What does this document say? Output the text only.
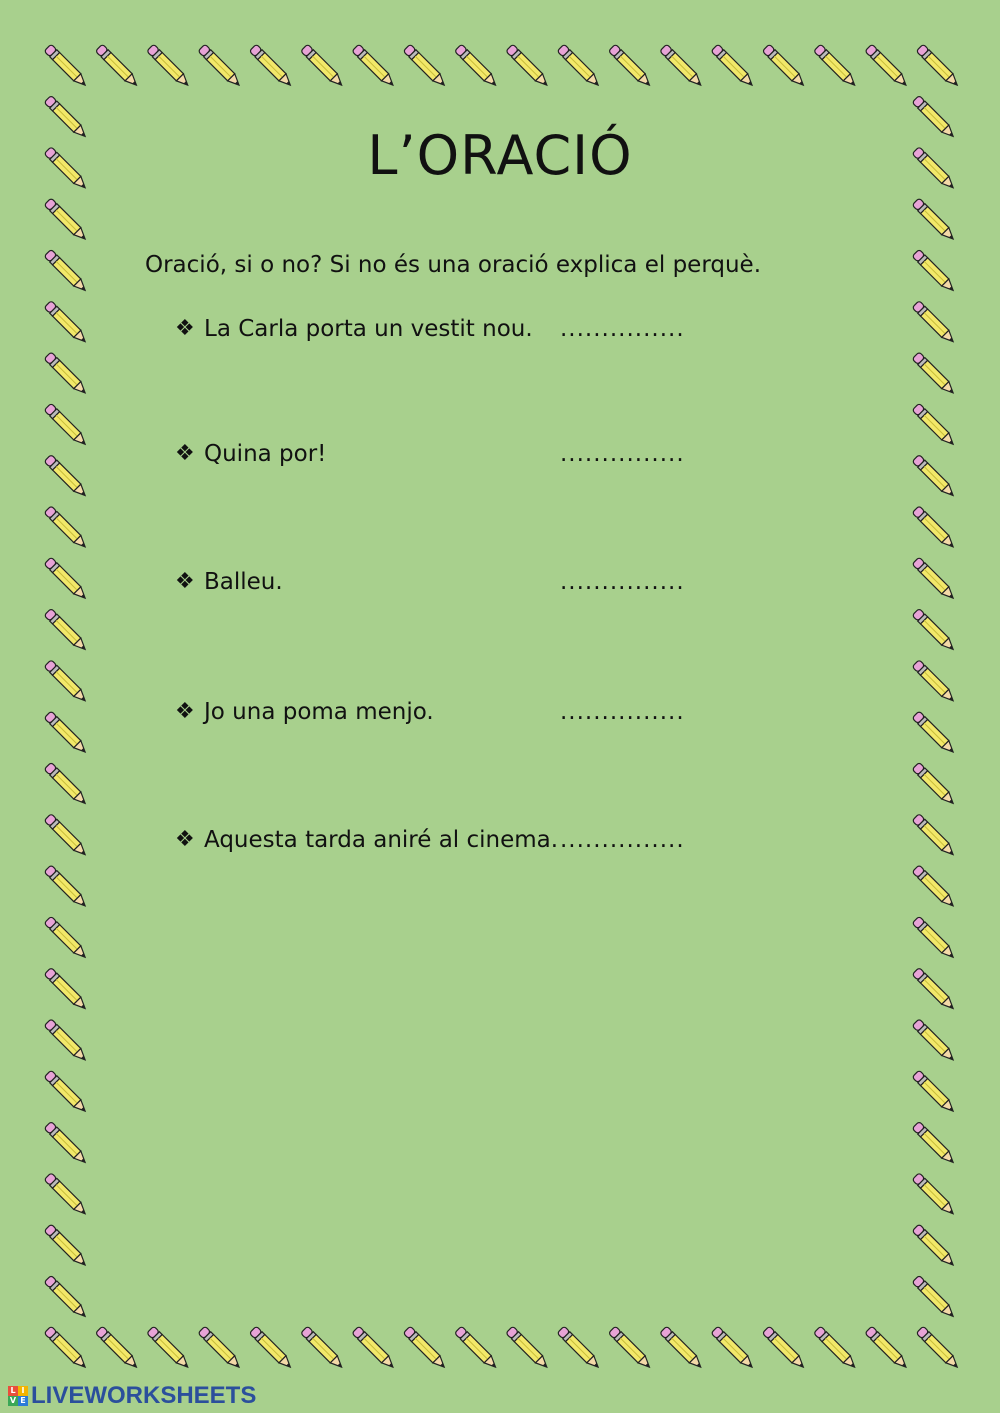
L’ORACIÓ
Oració, si o no? Si no és una oració explica el perquè.
❖ La Carla porta un vestit nou. ...............
❖ Quina por!	...............
❖ Balleu.	...............
❖ Jo una poma menjo.	...............
❖ Aquesta tarda aniré al cinema. ...............
L I
V E LIVEWORKSHEETS
